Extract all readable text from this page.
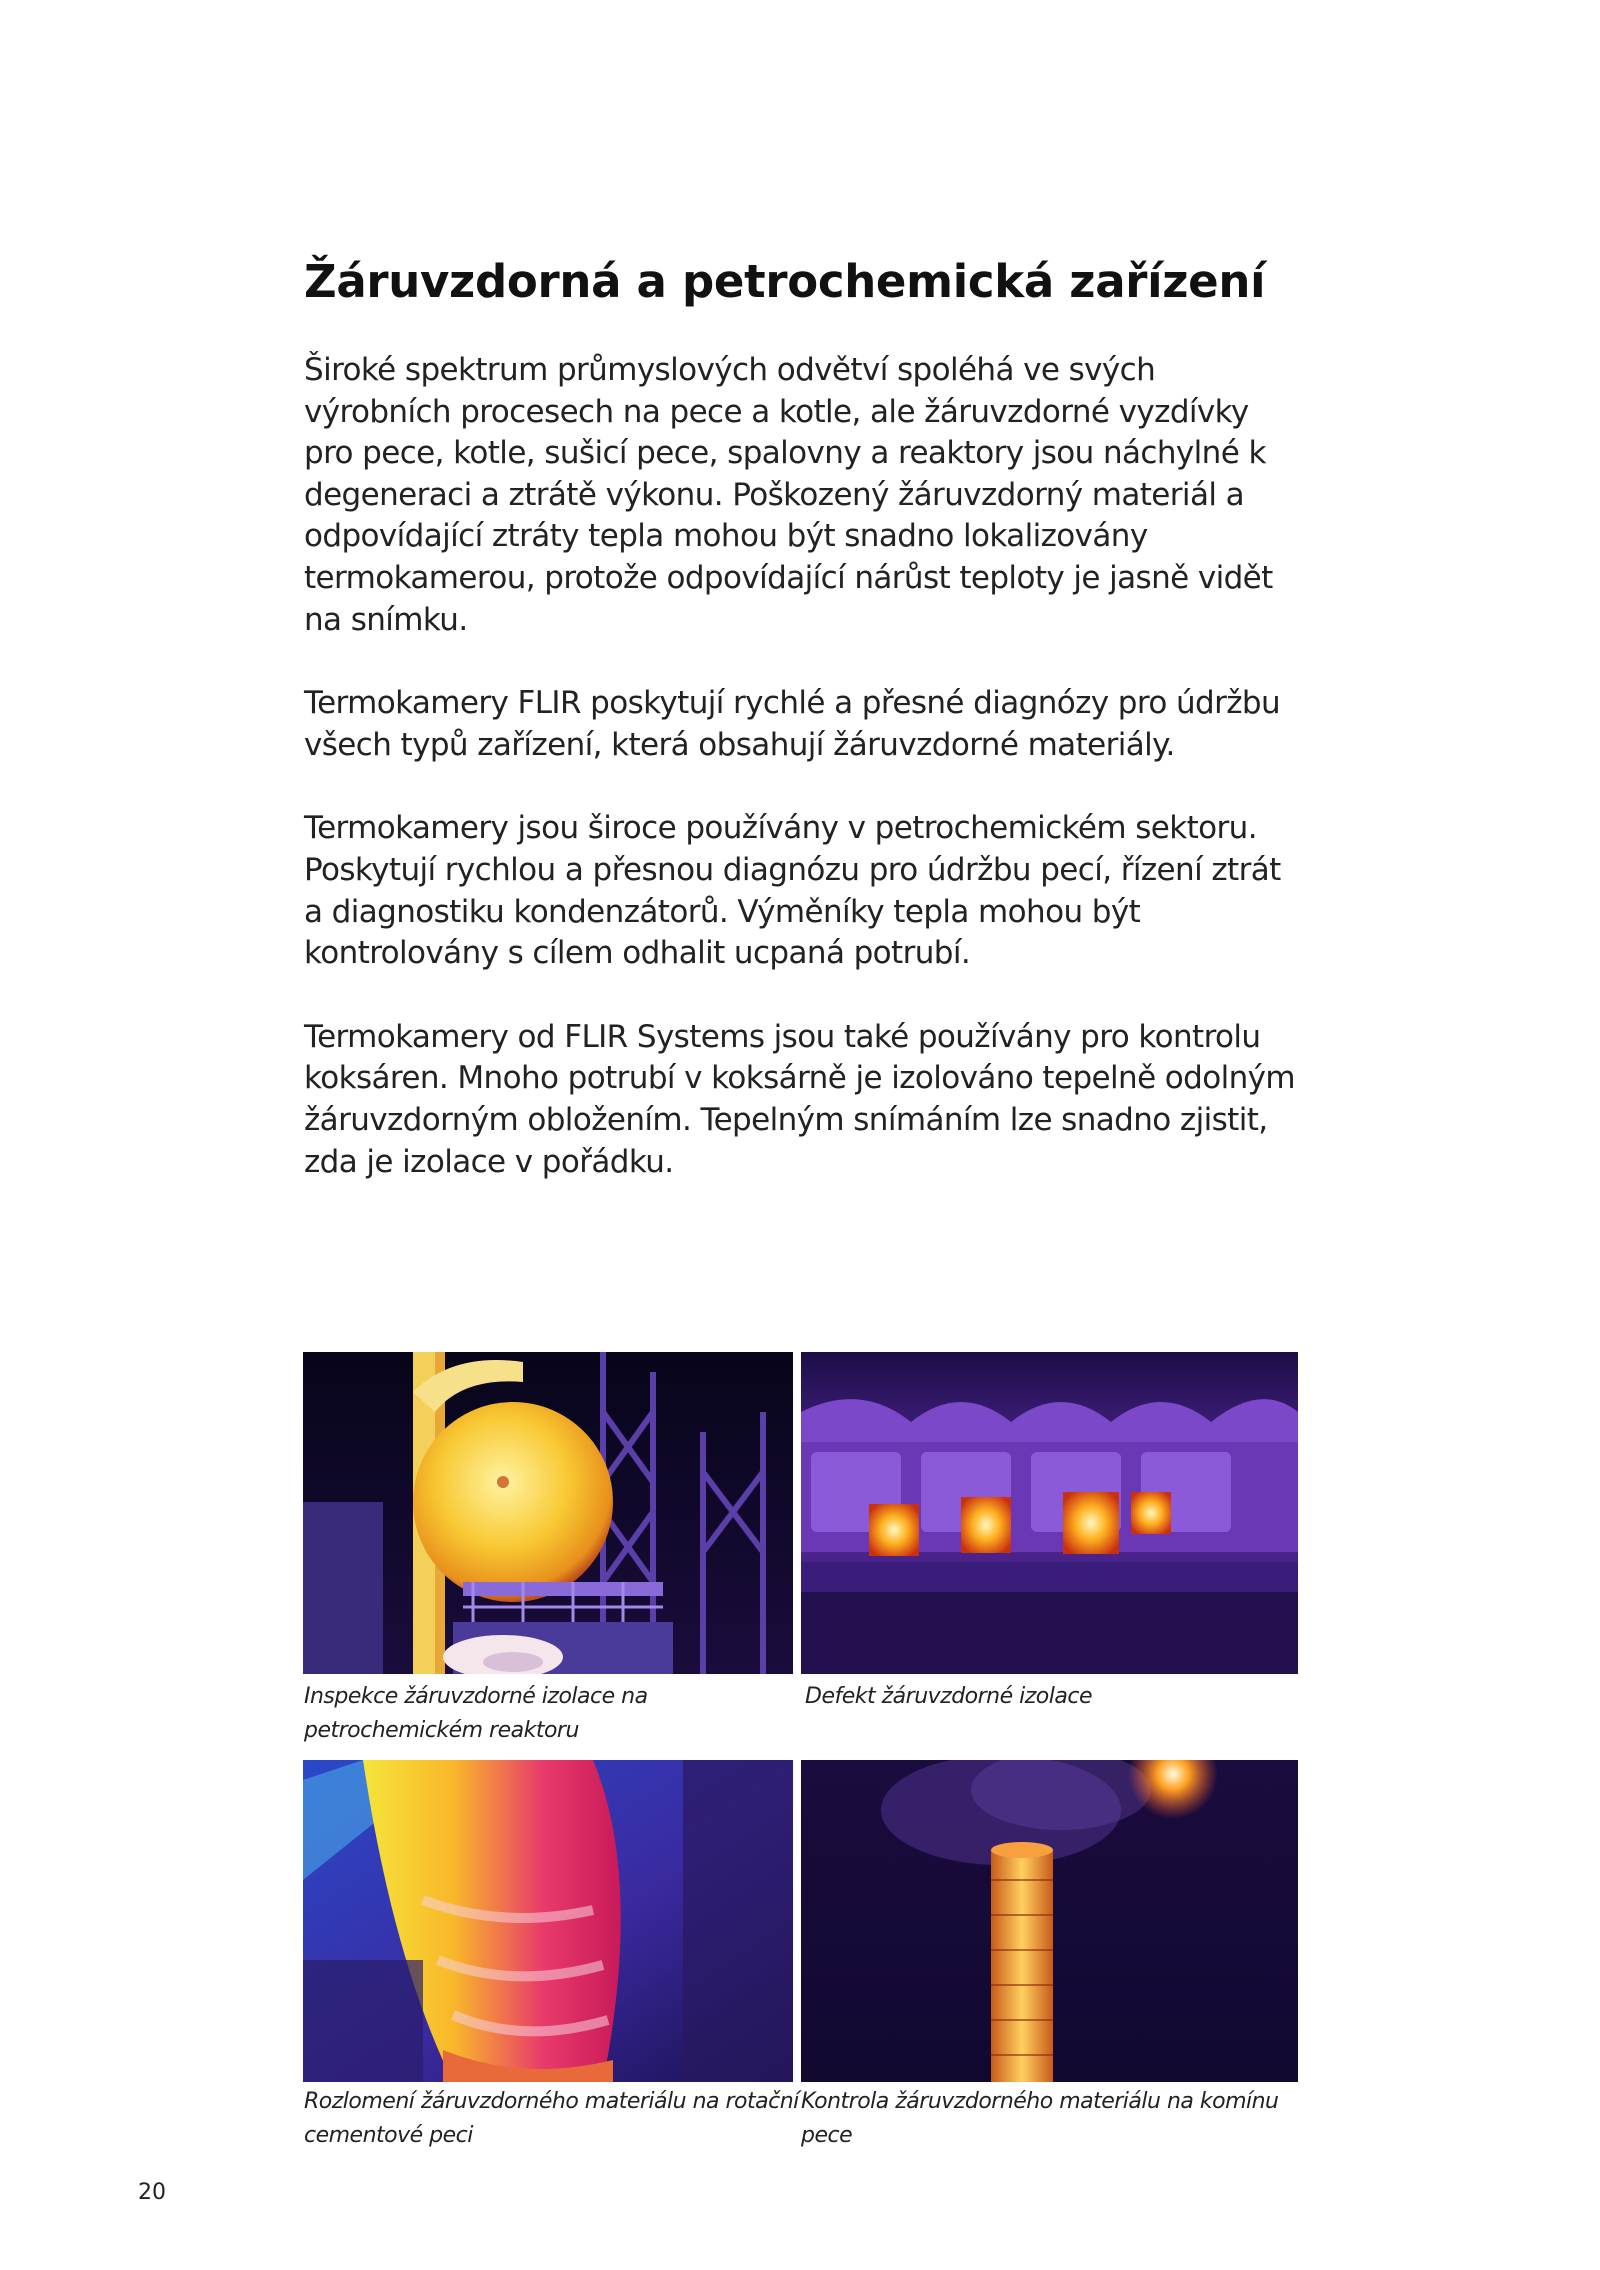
Žáruvzdorná a petrochemická zařízení

Široké spektrum průmyslových odvětví spoléhá ve svých výrobních procesech na pece a kotle, ale žáruvzdorné vyzdívky pro pece, kotle, sušicí pece, spalovny a reaktory jsou náchylné k degeneraci a ztrátě výkonu. Poškozený žáruvzdorný materiál a odpovídající ztráty tepla mohou být snadno lokalizovány termokamerou, protože odpovídající nárůst teploty je jasně vidět na snímku.

Termokamery FLIR poskytují rychlé a přesné diagnózy pro údržbu všech typů zařízení, která obsahují žáruvzdorné materiály.

Termokamery jsou široce používány v petrochemickém sektoru. Poskytují rychlou a přesnou diagnózu pro údržbu pecí, řízení ztrát a diagnostiku kondenzátorů. Výměníky tepla mohou být kontrolovány s cílem odhalit ucpaná potrubí.

Termokamery od FLIR Systems jsou také používány pro kontrolu koksáren. Mnoho potrubí v koksárně je izolováno tepelně odolným žáruvzdorným obložením. Tepelným snímáním lze snadno zjistit, zda je izolace v pořádku.

Inspekce žáruvzdorné izolace na petrochemickém reaktoru
Defekt žáruvzdorné izolace
Rozlomení žáruvzdorného materiálu na rotační cementové peci
Kontrola žáruvzdorného materiálu na komínu pece
20
